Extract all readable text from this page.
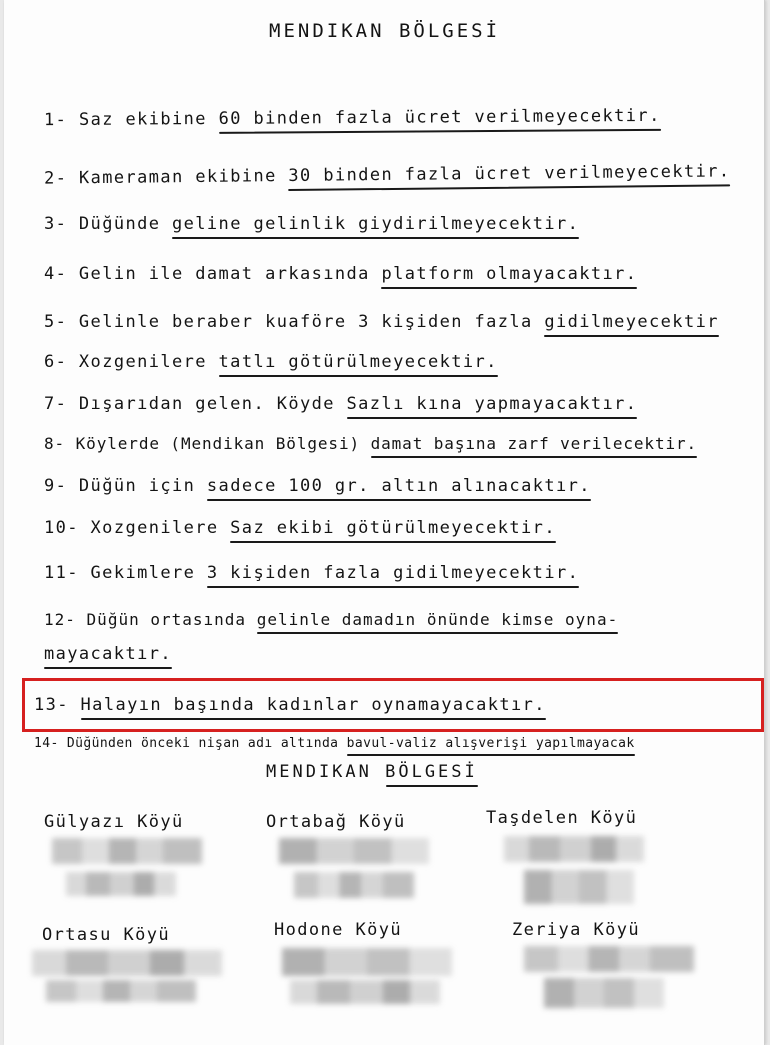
MENDIKAN BÖLGESİ
1- Saz ekibine 60 binden fazla ücret verilmeyecektir.
2- Kameraman ekibine 30 binden fazla ücret verilmeyecektir.
3- Düğünde geline gelinlik giydirilmeyecektir.
4- Gelin ile damat arkasında platform olmayacaktır.
5- Gelinle beraber kuaföre 3 kişiden fazla gidilmeyecektir
6- Xozgenilere tatlı götürülmeyecektir.
7- Dışarıdan gelen. Köyde Sazlı kına yapmayacaktır.
8- Köylerde (Mendikan Bölgesi) damat başına zarf verilecektir.
9- Düğün için sadece 100 gr. altın alınacaktır.
10- Xozgenilere Saz ekibi götürülmeyecektir.
11- Gekimlere 3 kişiden fazla gidilmeyecektir.
12- Düğün ortasında gelinle damadın önünde kimse oyna-
mayacaktır.
13- Halayın başında kadınlar oynamayacaktır.
14- Düğünden önceki nişan adı altında bavul-valiz alışverişi yapılmayacak
MENDIKAN BÖLGESİ
Gülyazı Köyü	Ortabağ Köyü	Taşdelen Köyü
Ortasu Köyü	Hodone Köyü	Zeriya Köyü
